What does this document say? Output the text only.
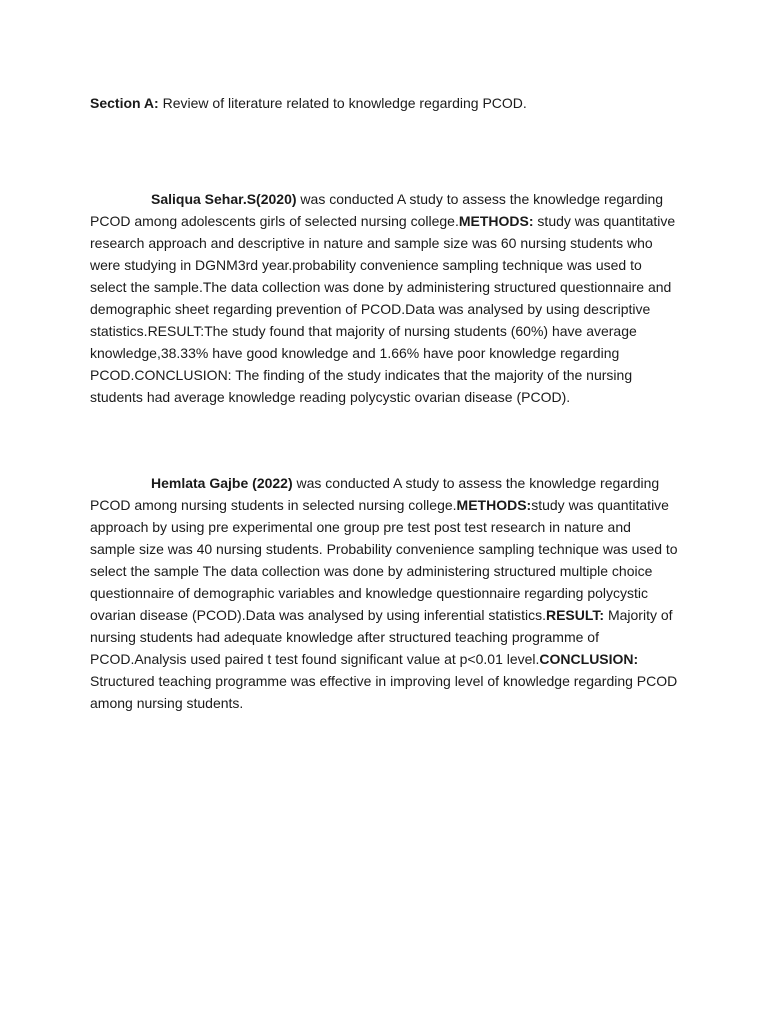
Section A: Review of literature related to knowledge regarding PCOD.

Saliqua Sehar.S(2020) was conducted A study to assess the knowledge regarding PCOD among adolescents girls of selected nursing college.METHODS: study was quantitative research approach and descriptive in nature and sample size was 60 nursing students who were studying in DGNM3rd year.probability convenience sampling technique was used to select the sample.The data collection was done by administering structured questionnaire and demographic sheet regarding prevention of PCOD.Data was analysed by using descriptive statistics.RESULT:The study found that majority of nursing students (60%) have average knowledge,38.33% have good knowledge and 1.66% have poor knowledge regarding PCOD.CONCLUSION: The finding of the study indicates that the majority of the nursing students had average knowledge reading polycystic ovarian disease (PCOD).

Hemlata Gajbe (2022) was conducted A study to assess the knowledge regarding PCOD among nursing students in selected nursing college.METHODS:study was quantitative approach by using pre experimental one group pre test post test research in nature and sample size was 40 nursing students. Probability convenience sampling technique was used to select the sample The data collection was done by administering structured multiple choice questionnaire of demographic variables and knowledge questionnaire regarding polycystic ovarian disease (PCOD).Data was analysed by using inferential statistics.RESULT: Majority of nursing students had adequate knowledge after structured teaching programme of PCOD.Analysis used paired t test found significant value at p<0.01 level.CONCLUSION: Structured teaching programme was effective in improving level of knowledge regarding PCOD among nursing students.
